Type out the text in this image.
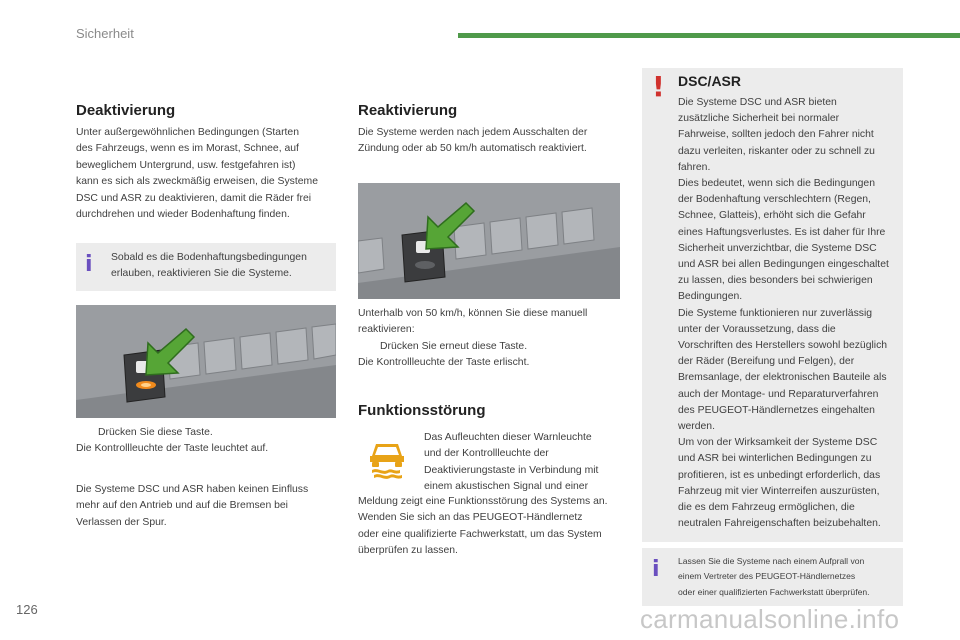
Sicherheit
Deaktivierung

Unter außergewöhnlichen Bedingungen (Starten

des Fahrzeugs, wenn es im Morast, Schnee, auf

beweglichem Untergrund, usw. festgefahren ist)

kann es sich als zweckmäßig erweisen, die Systeme

DSC und ASR zu deaktivieren, damit die Räder frei

durchdrehen und wieder Bodenhaftung finden.

i Sobald es die Bodenhaftungsbedingungen

erlauben, reaktivieren Sie die Systeme.

Drücken Sie diese Taste.

Die Kontrollleuchte der Taste leuchtet auf.

Die Systeme DSC und ASR haben keinen Einfluss

mehr auf den Antrieb und auf die Bremsen bei

Verlassen der Spur.

Reaktivierung

Die Systeme werden nach jedem Ausschalten der

Zündung oder ab 50 km/h automatisch reaktiviert.

Unterhalb von 50 km/h, können Sie diese manuell

reaktivieren:

Drücken Sie erneut diese Taste.

Die Kontrollleuchte der Taste erlischt.

Funktionsstörung

Das Aufleuchten dieser Warnleuchte

und der Kontrollleuchte der

Deaktivierungstaste in Verbindung mit

einem akustischen Signal und einer

Meldung zeigt eine Funktionsstörung des Systems an.

Wenden Sie sich an das PEUGEOT-Händlernetz

oder eine qualifizierte Fachwerkstatt, um das System

überprüfen zu lassen.

! DSC/ASR

Die Systeme DSC und ASR bieten

zusätzliche Sicherheit bei normaler

Fahrweise, sollten jedoch den Fahrer nicht

dazu verleiten, riskanter oder zu schnell zu

fahren.

Dies bedeutet, wenn sich die Bedingungen

der Bodenhaftung verschlechtern (Regen,

Schnee, Glatteis), erhöht sich die Gefahr

eines Haftungsverlustes. Es ist daher für Ihre

Sicherheit unverzichtbar, die Systeme DSC

und ASR bei allen Bedingungen eingeschaltet

zu lassen, dies besonders bei schwierigen

Bedingungen.

Die Systeme funktionieren nur zuverlässig

unter der Voraussetzung, dass die

Vorschriften des Herstellers sowohl bezüglich

der Räder (Bereifung und Felgen), der

Bremsanlage, der elektronischen Bauteile als

auch der Montage- und Reparaturverfahren

des PEUGEOT-Händlernetzes eingehalten

werden.

Um von der Wirksamkeit der Systeme DSC

und ASR bei winterlichen Bedingungen zu

profitieren, ist es unbedingt erforderlich, das

Fahrzeug mit vier Winterreifen auszurüsten,

die es dem Fahrzeug ermöglichen, die

neutralen Fahreigenschaften beizubehalten.

i Lassen Sie die Systeme nach einem Aufprall von

einem Vertreter des PEUGEOT-Händlernetzes

oder einer qualifizierten Fachwerkstatt überprüfen.

126	carmanualsonline.info
